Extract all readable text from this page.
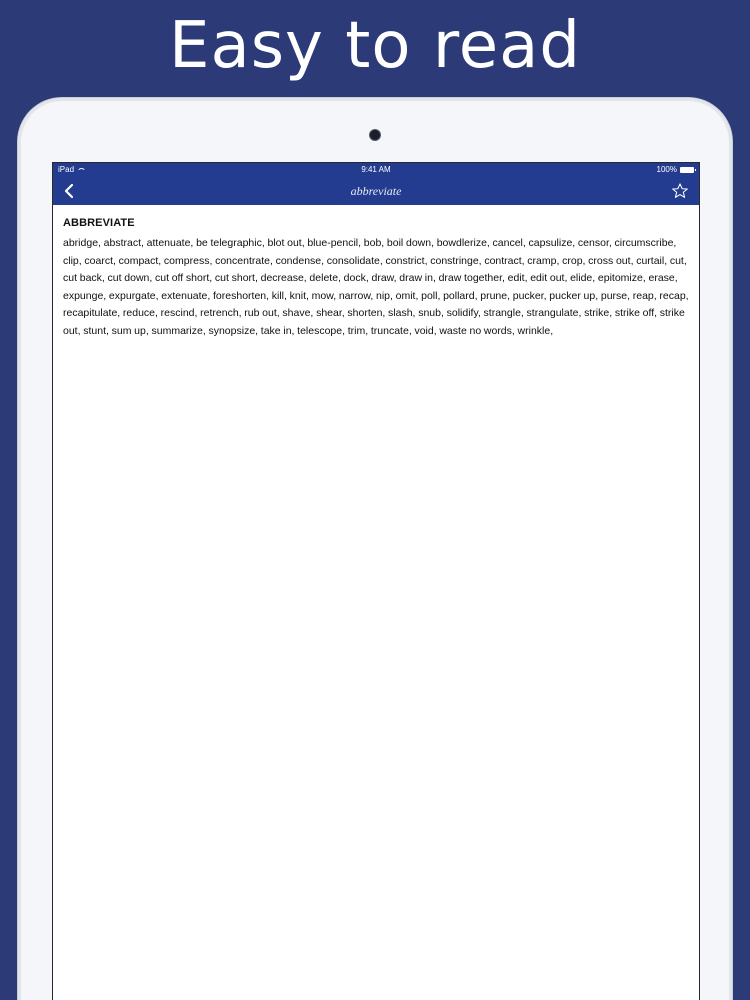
Easy to read
iPad	9:41 AM	100%
abbreviate
ABBREVIATE

abridge, abstract, attenuate, be telegraphic, blot out, blue-pencil, bob, boil down, bowdlerize, cancel, capsulize, censor, circumscribe, clip, coarct, compact, compress, concentrate, condense, consolidate, constrict, constringe, contract, cramp, crop, cross out, curtail, cut, cut back, cut down, cut off short, cut short, decrease, delete, dock, draw, draw in, draw together, edit, edit out, elide, epitomize, erase, expunge, expurgate, extenuate, foreshorten, kill, knit, mow, narrow, nip, omit, poll, pollard, prune, pucker, pucker up, purse, reap, recap, recapitulate, reduce, rescind, retrench, rub out, shave, shear, shorten, slash, snub, solidify, strangle, strangulate, strike, strike off, strike out, stunt, sum up, summarize, synopsize, take in, telescope, trim, truncate, void, waste no words, wrinkle,
